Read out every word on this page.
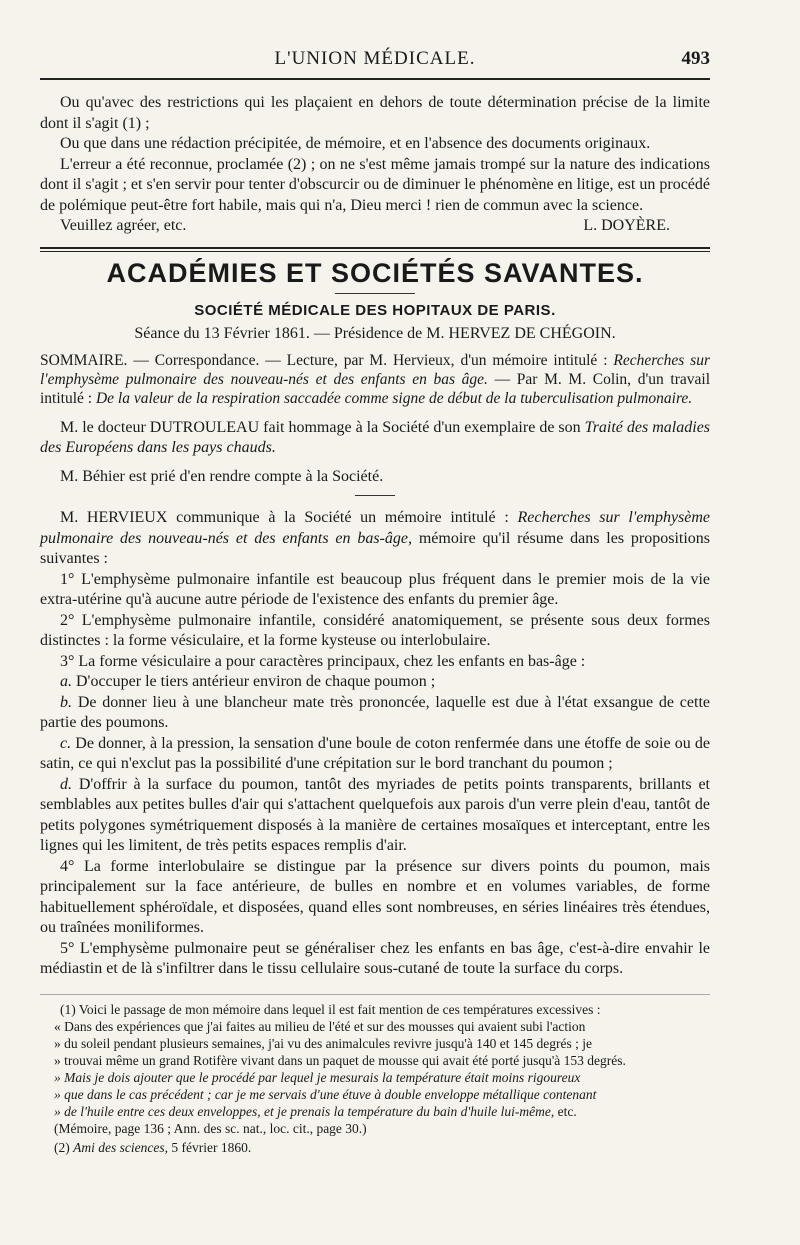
L'UNION MÉDICALE.	493

Ou qu'avec des restrictions qui les plaçaient en dehors de toute détermination précise de la limite dont il s'agit (1) ;

Ou que dans une rédaction précipitée, de mémoire, et en l'absence des documents originaux.

L'erreur a été reconnue, proclamée (2) ; on ne s'est même jamais trompé sur la nature des indications dont il s'agit ; et s'en servir pour tenter d'obscurcir ou de diminuer le phénomène en litige, est un procédé de polémique peut-être fort habile, mais qui n'a, Dieu merci ! rien de commun avec la science.

Veuillez agréer, etc.	L. DOYÈRE.
ACADÉMIES ET SOCIÉTÉS SAVANTES.
SOCIÉTÉ MÉDICALE DES HOPITAUX DE PARIS.
Séance du 13 Février 1861. — Présidence de M. HERVEZ DE CHÉGOIN.
SOMMAIRE. — Correspondance. — Lecture, par M. Hervieux, d'un mémoire intitulé : Recherches sur l'emphysème pulmonaire des nouveau-nés et des enfants en bas âge. — Par M. M. Colin, d'un travail intitulé : De la valeur de la respiration saccadée comme signe de début de la tuberculisation pulmonaire.

M. le docteur DUTROULEAU fait hommage à la Société d'un exemplaire de son Traité des maladies des Européens dans les pays chauds.

M. Béhier est prié d'en rendre compte à la Société.

M. HERVIEUX communique à la Société un mémoire intitulé : Recherches sur l'emphysème pulmonaire des nouveau-nés et des enfants en bas-âge, mémoire qu'il résume dans les propositions suivantes :

1° L'emphysème pulmonaire infantile est beaucoup plus fréquent dans le premier mois de la vie extra-utérine qu'à aucune autre période de l'existence des enfants du premier âge.

2° L'emphysème pulmonaire infantile, considéré anatomiquement, se présente sous deux formes distinctes : la forme vésiculaire, et la forme kysteuse ou interlobulaire.

3° La forme vésiculaire a pour caractères principaux, chez les enfants en bas-âge :

a. D'occuper le tiers antérieur environ de chaque poumon ;

b. De donner lieu à une blancheur mate très prononcée, laquelle est due à l'état exsangue de cette partie des poumons.

c. De donner, à la pression, la sensation d'une boule de coton renfermée dans une étoffe de soie ou de satin, ce qui n'exclut pas la possibilité d'une crépitation sur le bord tranchant du poumon ;

d. D'offrir à la surface du poumon, tantôt des myriades de petits points transparents, brillants et semblables aux petites bulles d'air qui s'attachent quelquefois aux parois d'un verre plein d'eau, tantôt de petits polygones symétriquement disposés à la manière de certaines mosaïques et interceptant, entre les lignes qui les limitent, de très petits espaces remplis d'air.

4° La forme interlobulaire se distingue par la présence sur divers points du poumon, mais principalement sur la face antérieure, de bulles en nombre et en volumes variables, de forme habituellement sphéroïdale, et disposées, quand elles sont nombreuses, en séries linéaires très étendues, ou traînées moniliformes.

5° L'emphysème pulmonaire peut se généraliser chez les enfants en bas âge, c'est-à-dire envahir le médiastin et de là s'infiltrer dans le tissu cellulaire sous-cutané de toute la surface du corps.

(1) Voici le passage de mon mémoire dans lequel il est fait mention de ces températures excessives :

« Dans des expériences que j'ai faites au milieu de l'été et sur des mousses qui avaient subi l'action

» du soleil pendant plusieurs semaines, j'ai vu des animalcules revivre jusqu'à 140 et 145 degrés ; je

» trouvai même un grand Rotifère vivant dans un paquet de mousse qui avait été porté jusqu'à 153 degrés.

» Mais je dois ajouter que le procédé par lequel je mesurais la température était moins rigoureux

» que dans le cas précédent ; car je me servais d'une étuve à double enveloppe métallique contenant

» de l'huile entre ces deux enveloppes, et je prenais la température du bain d'huile lui-même, etc.

(Mémoire, page 136 ; Ann. des sc. nat., loc. cit., page 30.)

(2) Ami des sciences, 5 février 1860.
